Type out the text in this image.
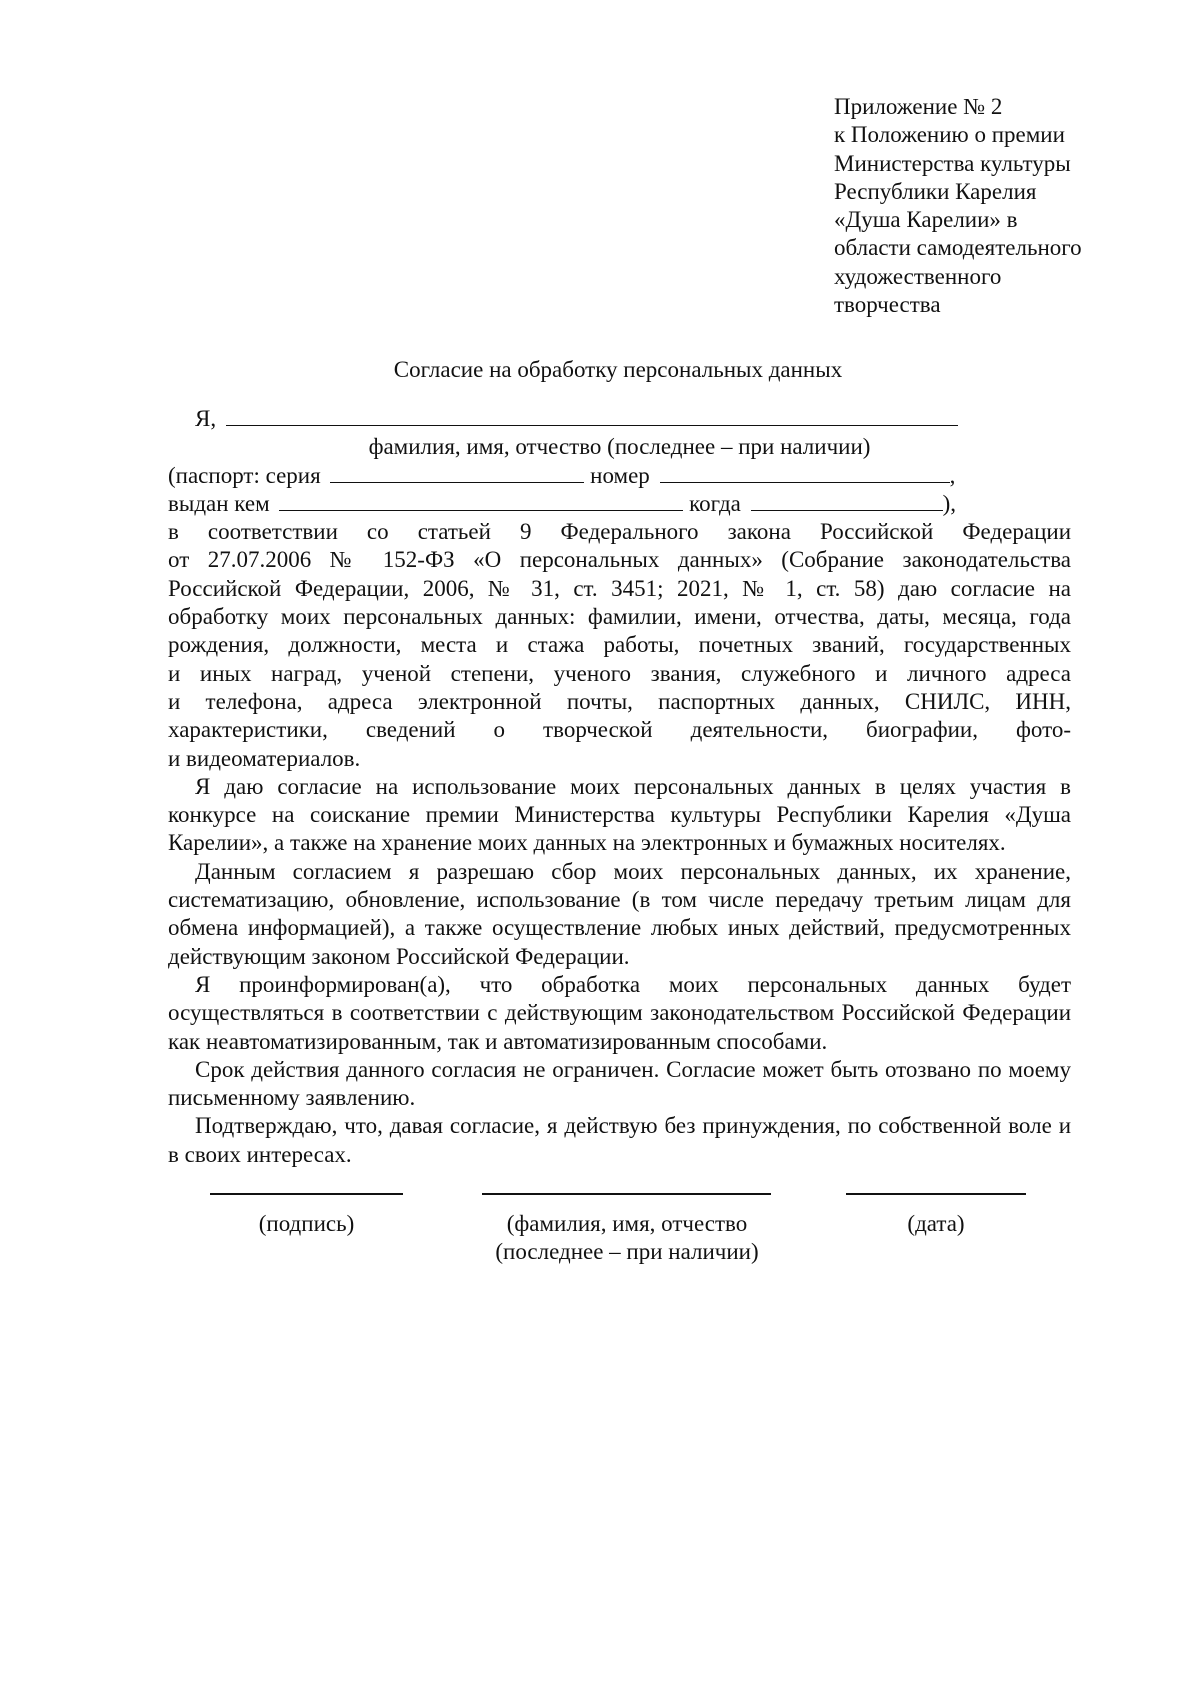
Приложение № 2
к Положению о премии
Министерства культуры
Республики Карелия
«Душа Карелии» в
области самодеятельного
художественного
творчества
Согласие на обработку персональных данных
Я,
фамилия, имя, отчество (последнее – при наличии)
(паспорт: серия	номер	,
выдан кем	когда	),
в соответствии со статьей 9 Федерального закона Российской Федерации
от 27.07.2006 № 152-ФЗ «О персональных данных» (Собрание законодательства
Российской Федерации, 2006, № 31, ст. 3451; 2021, № 1, ст. 58) даю согласие на
обработку моих персональных данных: фамилии, имени, отчества, даты, месяца, года
рождения, должности, места и стажа работы, почетных званий, государственных
и иных наград, ученой степени, ученого звания, служебного и личного адреса
и телефона, адреса электронной почты, паспортных данных, СНИЛС, ИНН,
характеристики, сведений о творческой деятельности, биографии, фото-
и видеоматериалов.

Я даю согласие на использование моих персональных данных в целях участия в конкурсе на соискание премии Министерства культуры Республики Карелия «Душа Карелии», а также на хранение моих данных на электронных и бумажных носителях.

Данным согласием я разрешаю сбор моих персональных данных, их хранение, систематизацию, обновление, использование (в том числе передачу третьим лицам для обмена информацией), а также осуществление любых иных действий, предусмотренных действующим законом Российской Федерации.

Я проинформирован(а), что обработка моих персональных данных будет осуществляться в соответствии с действующим законодательством Российской Федерации как неавтоматизированным, так и автоматизированным способами.

Срок действия данного согласия не ограничен. Согласие может быть отозвано по моему письменному заявлению.

Подтверждаю, что, давая согласие, я действую без принуждения, по собственной воле и в своих интересах.

(подпись)	(фамилия, имя, отчество
(последнее – при наличии)
(дата)
